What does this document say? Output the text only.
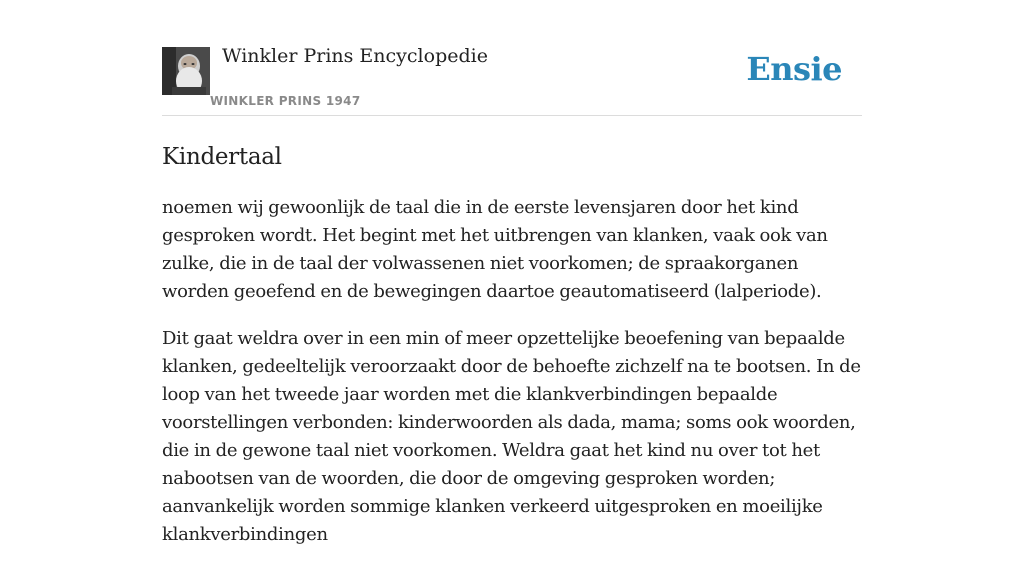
Winkler Prins Encyclopedie
WINKLER PRINS 1947
Ensie
Kindertaal

noemen wij gewoonlijk de taal die in de eerste levensjaren door het kind gesproken wordt. Het begint met het uitbrengen van klanken, vaak ook van zulke, die in de taal der volwassenen niet voorkomen; de spraakorganen worden geoefend en de bewegingen daartoe geautomatiseerd (lalperiode).

Dit gaat weldra over in een min of meer opzettelijke beoefening van bepaalde klanken, gedeeltelijk veroorzaakt door de behoefte zichzelf na te bootsen. In de loop van het tweede jaar worden met die klankverbindingen bepaalde voorstellingen verbonden: kinderwoorden als dada, mama; soms ook woorden, die in de gewone taal niet voorkomen. Weldra gaat het kind nu over tot het nabootsen van de woorden, die door de omgeving gesproken worden; aanvankelijk worden sommige klanken verkeerd uitgesproken en moeilijke klankverbindingen
